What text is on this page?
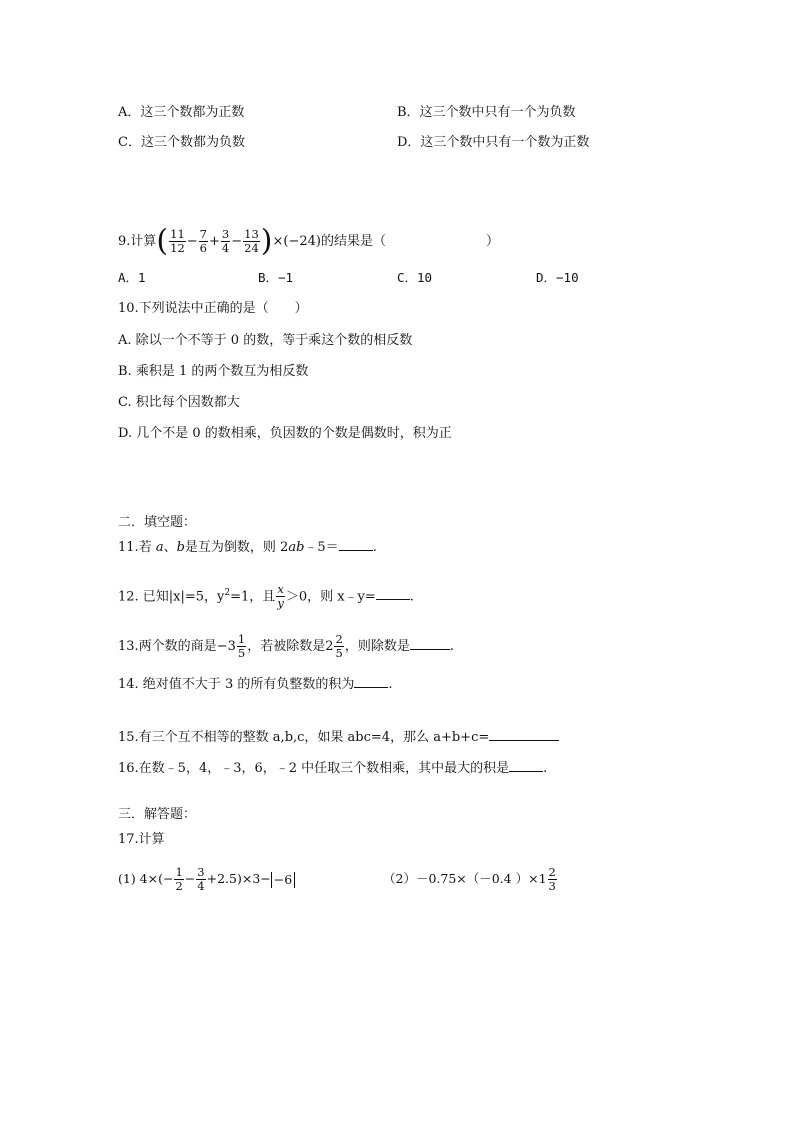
A．这三个数都为正数	B．这三个数中只有一个为负数
C．这三个数都为负数	D．这三个数中只有一个数为正数
9.计算( $\frac{11}{12} - \frac{7}{6} + \frac{3}{4} - \frac{13}{24} )\times(-24)$的结果是（	）
A．1	B．−1	C．10	D．−10
10.下列说法中正确的是（　　）
A. 除以一个不等于 0 的数，等于乘这个数的相反数
B. 乘积是 1 的两个数互为相反数
C. 积比每个因数都大
D. 几个不是 0 的数相乘，负因数的个数是偶数时，积为正
二．填空题：
11.若 a、b是互为倒数，则 2ab﹣5＝	.
12. 已知|x|=5，$y^2=1$，且 $\frac{x}{y} >0$，则 x﹣y=	.
13.两个数的商是$-3 \frac{1}{5}$ ，若被除数是$2 \frac{2}{5}$ ，则除数是	.
14. 绝对值不大于 3 的所有负整数的积为	.
15.有三个互不相等的整数 a,b,c，如果 abc=4，那么 a+b+c=
16.在数﹣5，4，﹣3，6，﹣2 中任取三个数相乘，其中最大的积是	.
三．解答题：
17.计算
(1) $4\times(- \frac{1}{2} - \frac{3}{4} +2.5)\times 3- -6$	（2）－0.75×（－0.4 ）$\times 1 \frac{2}{3}$
